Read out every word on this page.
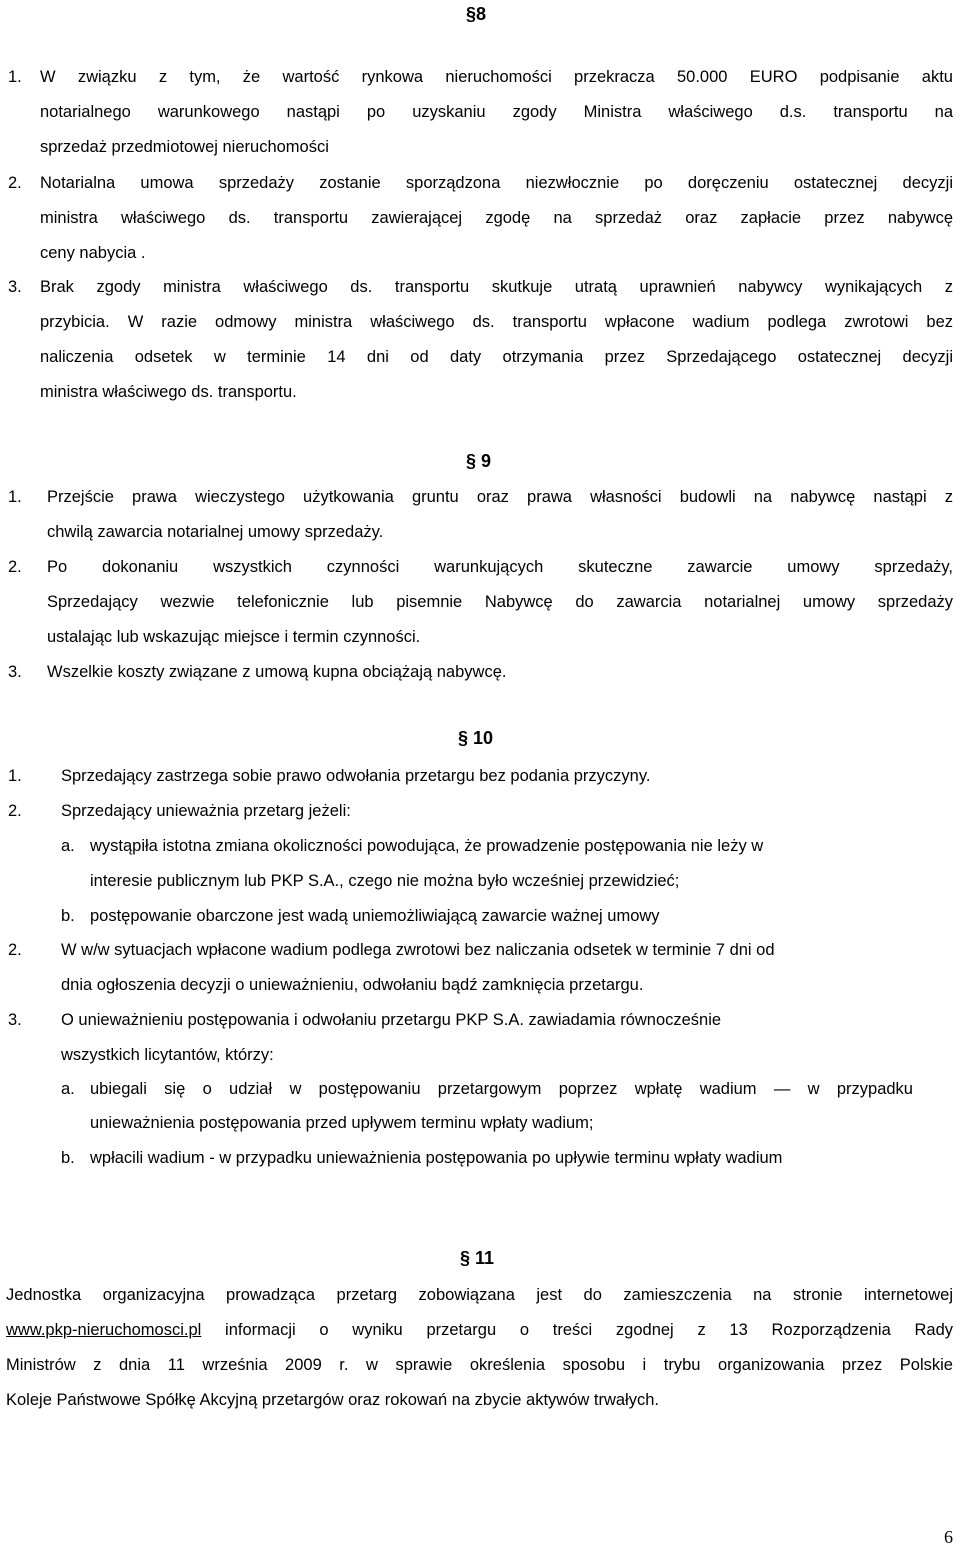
§8
1. W związku z tym, że wartość rynkowa nieruchomości przekracza 50.000 EURO podpisanie aktu
notarialnego warunkowego nastąpi po uzyskaniu zgody Ministra właściwego d.s. transportu na
sprzedaż przedmiotowej nieruchomości
2. Notarialna umowa sprzedaży zostanie sporządzona niezwłocznie po doręczeniu ostatecznej decyzji
ministra właściwego ds. transportu zawierającej zgodę na sprzedaż oraz zapłacie przez nabywcę
ceny nabycia .
3. Brak zgody ministra właściwego ds. transportu skutkuje utratą uprawnień nabywcy wynikających z
przybicia. W razie odmowy ministra właściwego ds. transportu wpłacone wadium podlega zwrotowi bez
naliczenia odsetek w terminie 14 dni od daty otrzymania przez Sprzedającego ostatecznej decyzji
ministra właściwego ds. transportu.
§ 9
1. Przejście prawa wieczystego użytkowania gruntu oraz prawa własności budowli na nabywcę nastąpi z
chwilą zawarcia notarialnej umowy sprzedaży.
2. Po dokonaniu wszystkich czynności warunkujących skuteczne zawarcie umowy sprzedaży,
Sprzedający wezwie telefonicznie lub pisemnie Nabywcę do zawarcia notarialnej umowy sprzedaży
ustalając lub wskazując miejsce i termin czynności.
3. Wszelkie koszty związane z umową kupna obciążają nabywcę.
§ 10
1. Sprzedający zastrzega sobie prawo odwołania przetargu bez podania przyczyny.
2. Sprzedający unieważnia przetarg jeżeli:
a. wystąpiła istotna zmiana okoliczności powodująca, że prowadzenie postępowania nie leży w
interesie publicznym lub PKP S.A., czego nie można było wcześniej przewidzieć;
b. postępowanie obarczone jest wadą uniemożliwiającą zawarcie ważnej umowy
2. W w/w sytuacjach wpłacone wadium podlega zwrotowi bez naliczania odsetek w terminie 7 dni od
dnia ogłoszenia decyzji o unieważnieniu, odwołaniu bądź zamknięcia przetargu.
3. O unieważnieniu postępowania i odwołaniu przetargu PKP S.A. zawiadamia równocześnie
wszystkich licytantów, którzy:
a. ubiegali się o udział w postępowaniu przetargowym poprzez wpłatę wadium — w przypadku
unieważnienia postępowania przed upływem terminu wpłaty wadium;
b. wpłacili wadium - w przypadku unieważnienia postępowania po upływie terminu wpłaty wadium
§ 11
Jednostka organizacyjna prowadząca przetarg zobowiązana jest do zamieszczenia na stronie internetowej
www.pkp-nieruchomosci.pl informacji o wyniku przetargu o treści zgodnej z 13 Rozporządzenia Rady
Ministrów z dnia 11 września 2009 r. w sprawie określenia sposobu i trybu organizowania przez Polskie
Koleje Państwowe Spółkę Akcyjną przetargów oraz rokowań na zbycie aktywów trwałych.
6
